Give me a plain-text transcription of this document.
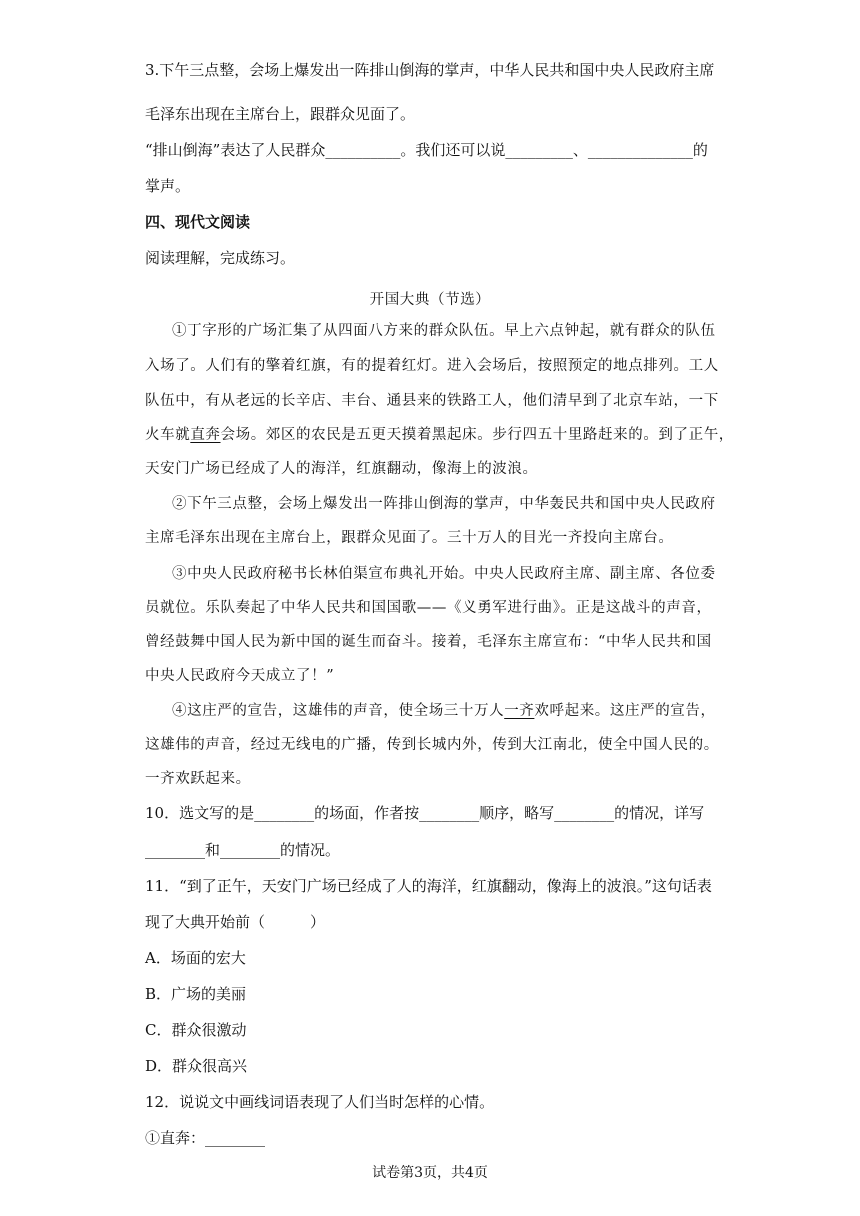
3.下午三点整，会场上爆发出一阵排山倒海的掌声，中华人民共和国中央人民政府主席
毛泽东出现在主席台上，跟群众见面了。
“排山倒海”表达了人民群众__________。我们还可以说_________、______________的
掌声。
四、现代文阅读
阅读理解，完成练习。
开国大典（节选）
①丁字形的广场汇集了从四面八方来的群众队伍。早上六点钟起，就有群众的队伍
入场了。人们有的擎着红旗，有的提着红灯。进入会场后，按照预定的地点排列。工人
队伍中，有从老远的长辛店、丰台、通县来的铁路工人，他们清早到了北京车站，一下
火车就直奔会场。郊区的农民是五更天摸着黑起床。步行四五十里路赶来的。到了正午，
天安门广场已经成了人的海洋，红旗翻动，像海上的波浪。
②下午三点整，会场上爆发出一阵排山倒海的掌声，中华轰民共和国中央人民政府
主席毛泽东出现在主席台上，跟群众见面了。三十万人的目光一齐投向主席台。
③中央人民政府秘书长林伯渠宣布典礼开始。中央人民政府主席、副主席、各位委
员就位。乐队奏起了中华人民共和国国歌——《义勇军进行曲》。正是这战斗的声音，
曾经鼓舞中国人民为新中国的诞生而奋斗。接着，毛泽东主席宣布：“中华人民共和国
中央人民政府今天成立了！”
④这庄严的宣告，这雄伟的声音，使全场三十万人一齐欢呼起来。这庄严的宣告，
这雄伟的声音，经过无线电的广播，传到长城内外，传到大江南北，使全中国人民的。
一齐欢跃起来。
10．选文写的是________的场面，作者按________顺序，略写________的情况，详写
________和________的情况。
11．“到了正午，天安门广场已经成了人的海洋，红旗翻动，像海上的波浪。”这句话表
现了大典开始前（　　　）
A．场面的宏大
B．广场的美丽
C．群众很激动
D．群众很高兴
12．说说文中画线词语表现了人们当时怎样的心情。
①直奔：________
试卷第3页，共4页
